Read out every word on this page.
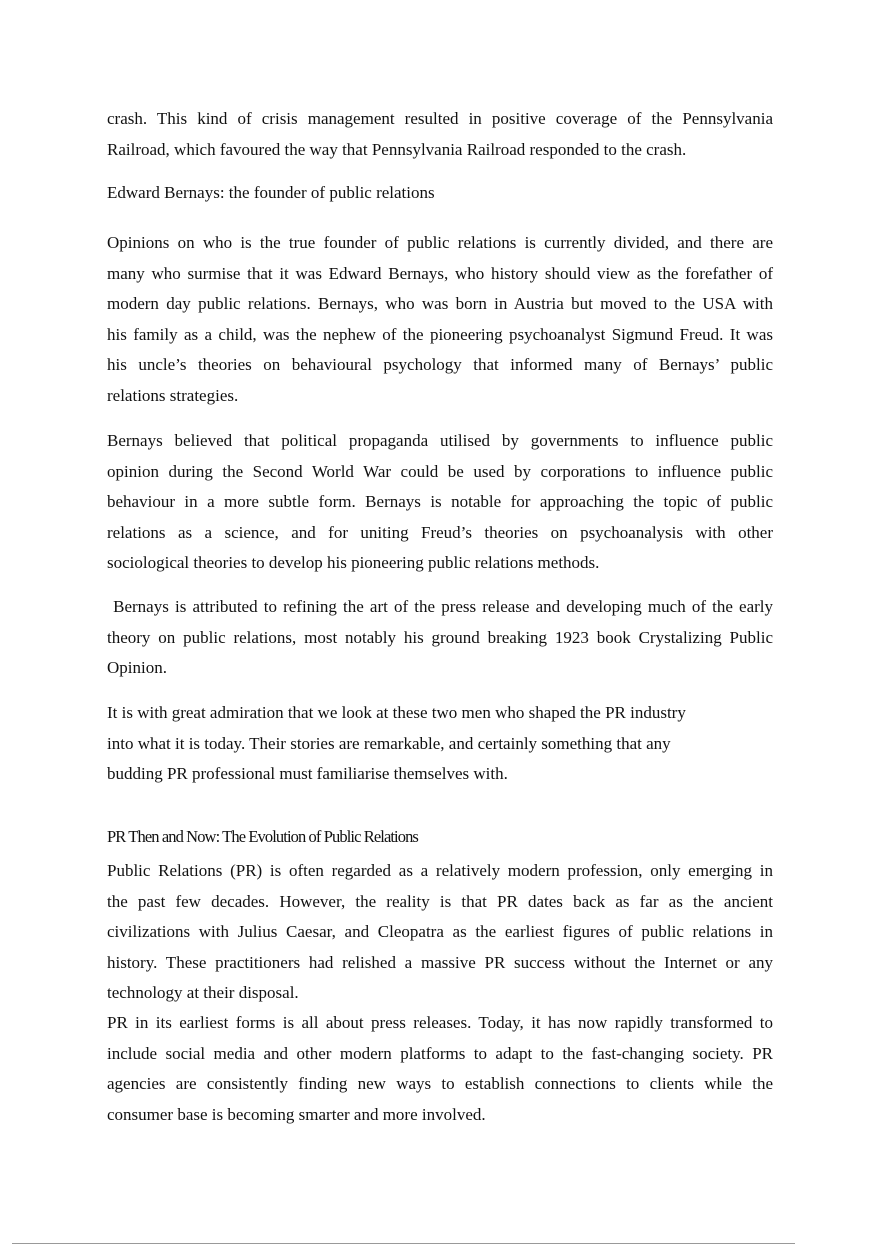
crash. This kind of crisis management resulted in positive coverage of the Pennsylvania
Railroad, which favoured the way that Pennsylvania Railroad responded to the crash.
Edward Bernays: the founder of public relations
Opinions on who is the true founder of public relations is currently divided, and there are
many who surmise that it was Edward Bernays, who history should view as the forefather of
modern day public relations. Bernays, who was born in Austria but moved to the USA with
his family as a child, was the nephew of the pioneering psychoanalyst Sigmund Freud. It was
his uncle’s theories on behavioural psychology that informed many of Bernays’ public
relations strategies.
Bernays believed that political propaganda utilised by governments to influence public
opinion during the Second World War could be used by corporations to influence public
behaviour in a more subtle form. Bernays is notable for approaching the topic of public
relations as a science, and for uniting Freud’s theories on psychoanalysis with other
sociological theories to develop his pioneering public relations methods.
Bernays is attributed to refining the art of the press release and developing much of the early
theory on public relations, most notably his ground breaking 1923 book Crystalizing Public
Opinion.
It is with great admiration that we look at these two men who shaped the PR industry
into what it is today. Their stories are remarkable, and certainly something that any
budding PR professional must familiarise themselves with.
PR Then and Now: The Evolution of Public Relations
Public Relations (PR) is often regarded as a relatively modern profession, only emerging in
the past few decades. However, the reality is that PR dates back as far as the ancient
civilizations with Julius Caesar, and Cleopatra as the earliest figures of public relations in
history. These practitioners had relished a massive PR success without the Internet or any
technology at their disposal.
PR in its earliest forms is all about press releases. Today, it has now rapidly transformed to
include social media and other modern platforms to adapt to the fast-changing society. PR
agencies are consistently finding new ways to establish connections to clients while the
consumer base is becoming smarter and more involved.
